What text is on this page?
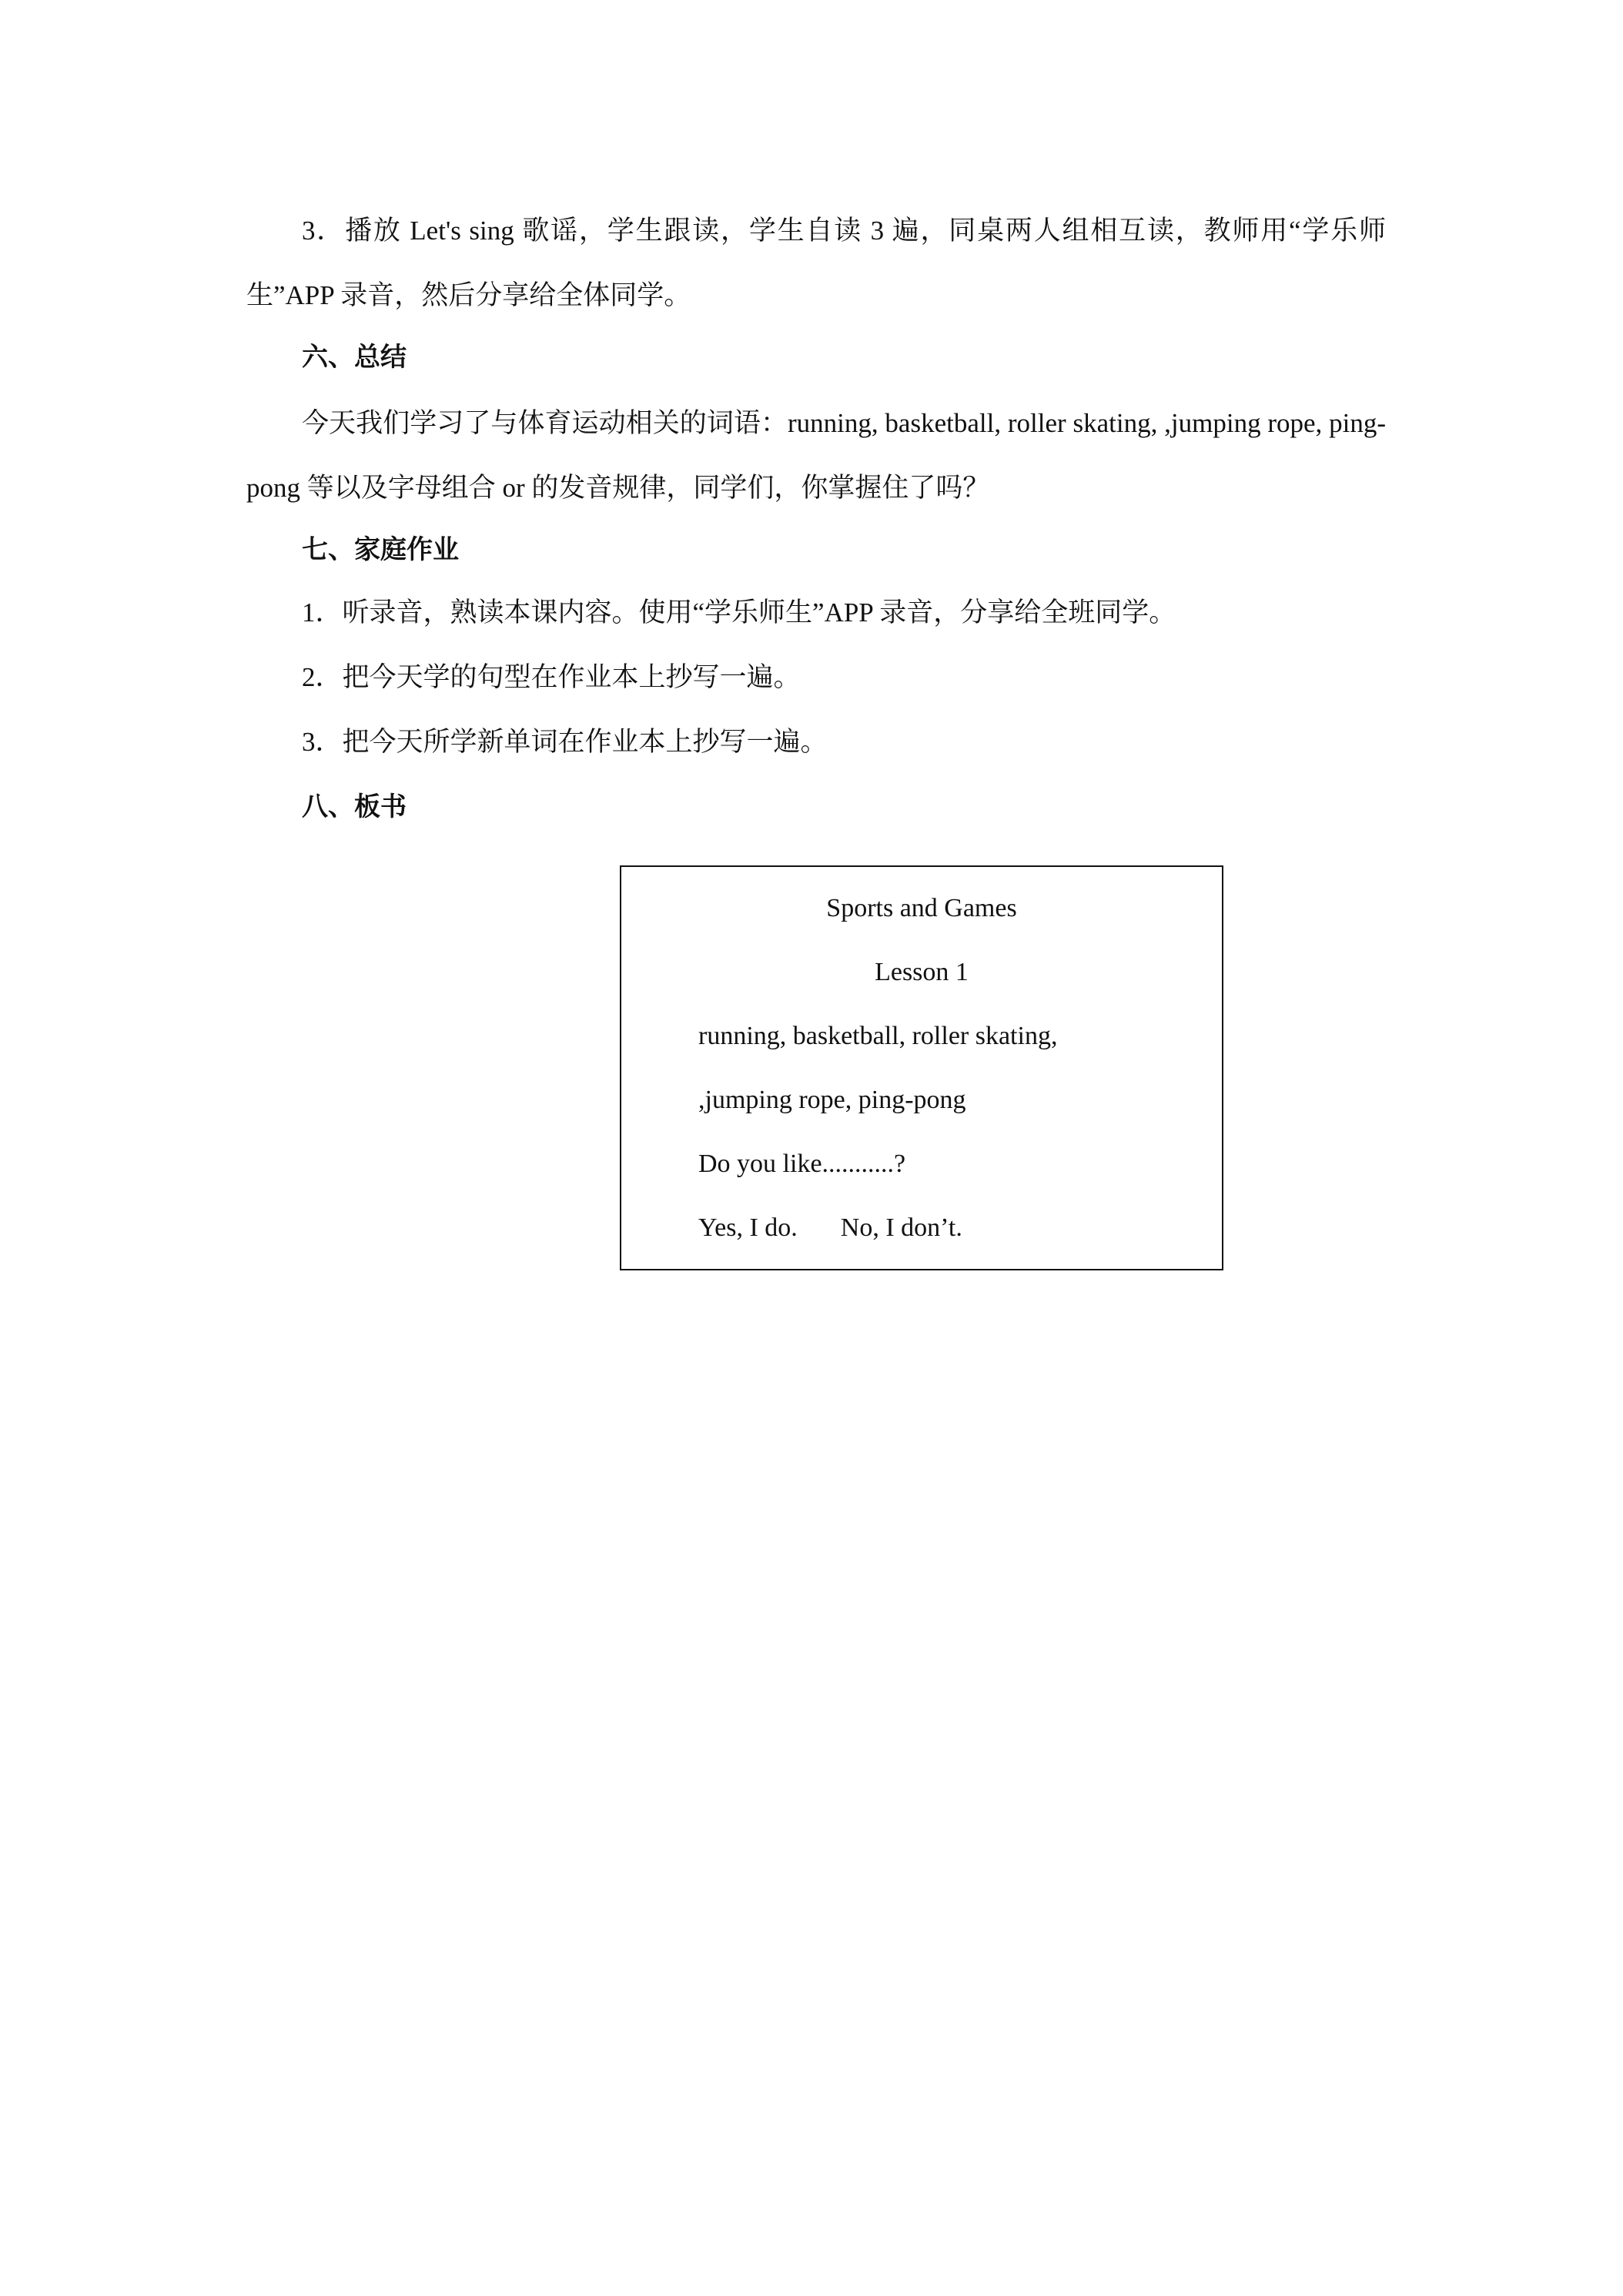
3．播放 Let's sing 歌谣，学生跟读，学生自读 3 遍，同桌两人组相互读，教师用“学乐师生”APP 录音，然后分享给全体同学。

六、总结

今天我们学习了与体育运动相关的词语：running, basketball, roller skating, ,jumping rope, ping-pong 等以及字母组合 or 的发音规律，同学们，你掌握住了吗？

七、家庭作业

1．听录音，熟读本课内容。使用“学乐师生”APP 录音，分享给全班同学。

2．把今天学的句型在作业本上抄写一遍。

3．把今天所学新单词在作业本上抄写一遍。

八、板书

Sports and Games

Lesson 1

running, basketball, roller skating,

,jumping rope, ping-pong

Do you like...........?

Yes, I do. No, I don’t.
